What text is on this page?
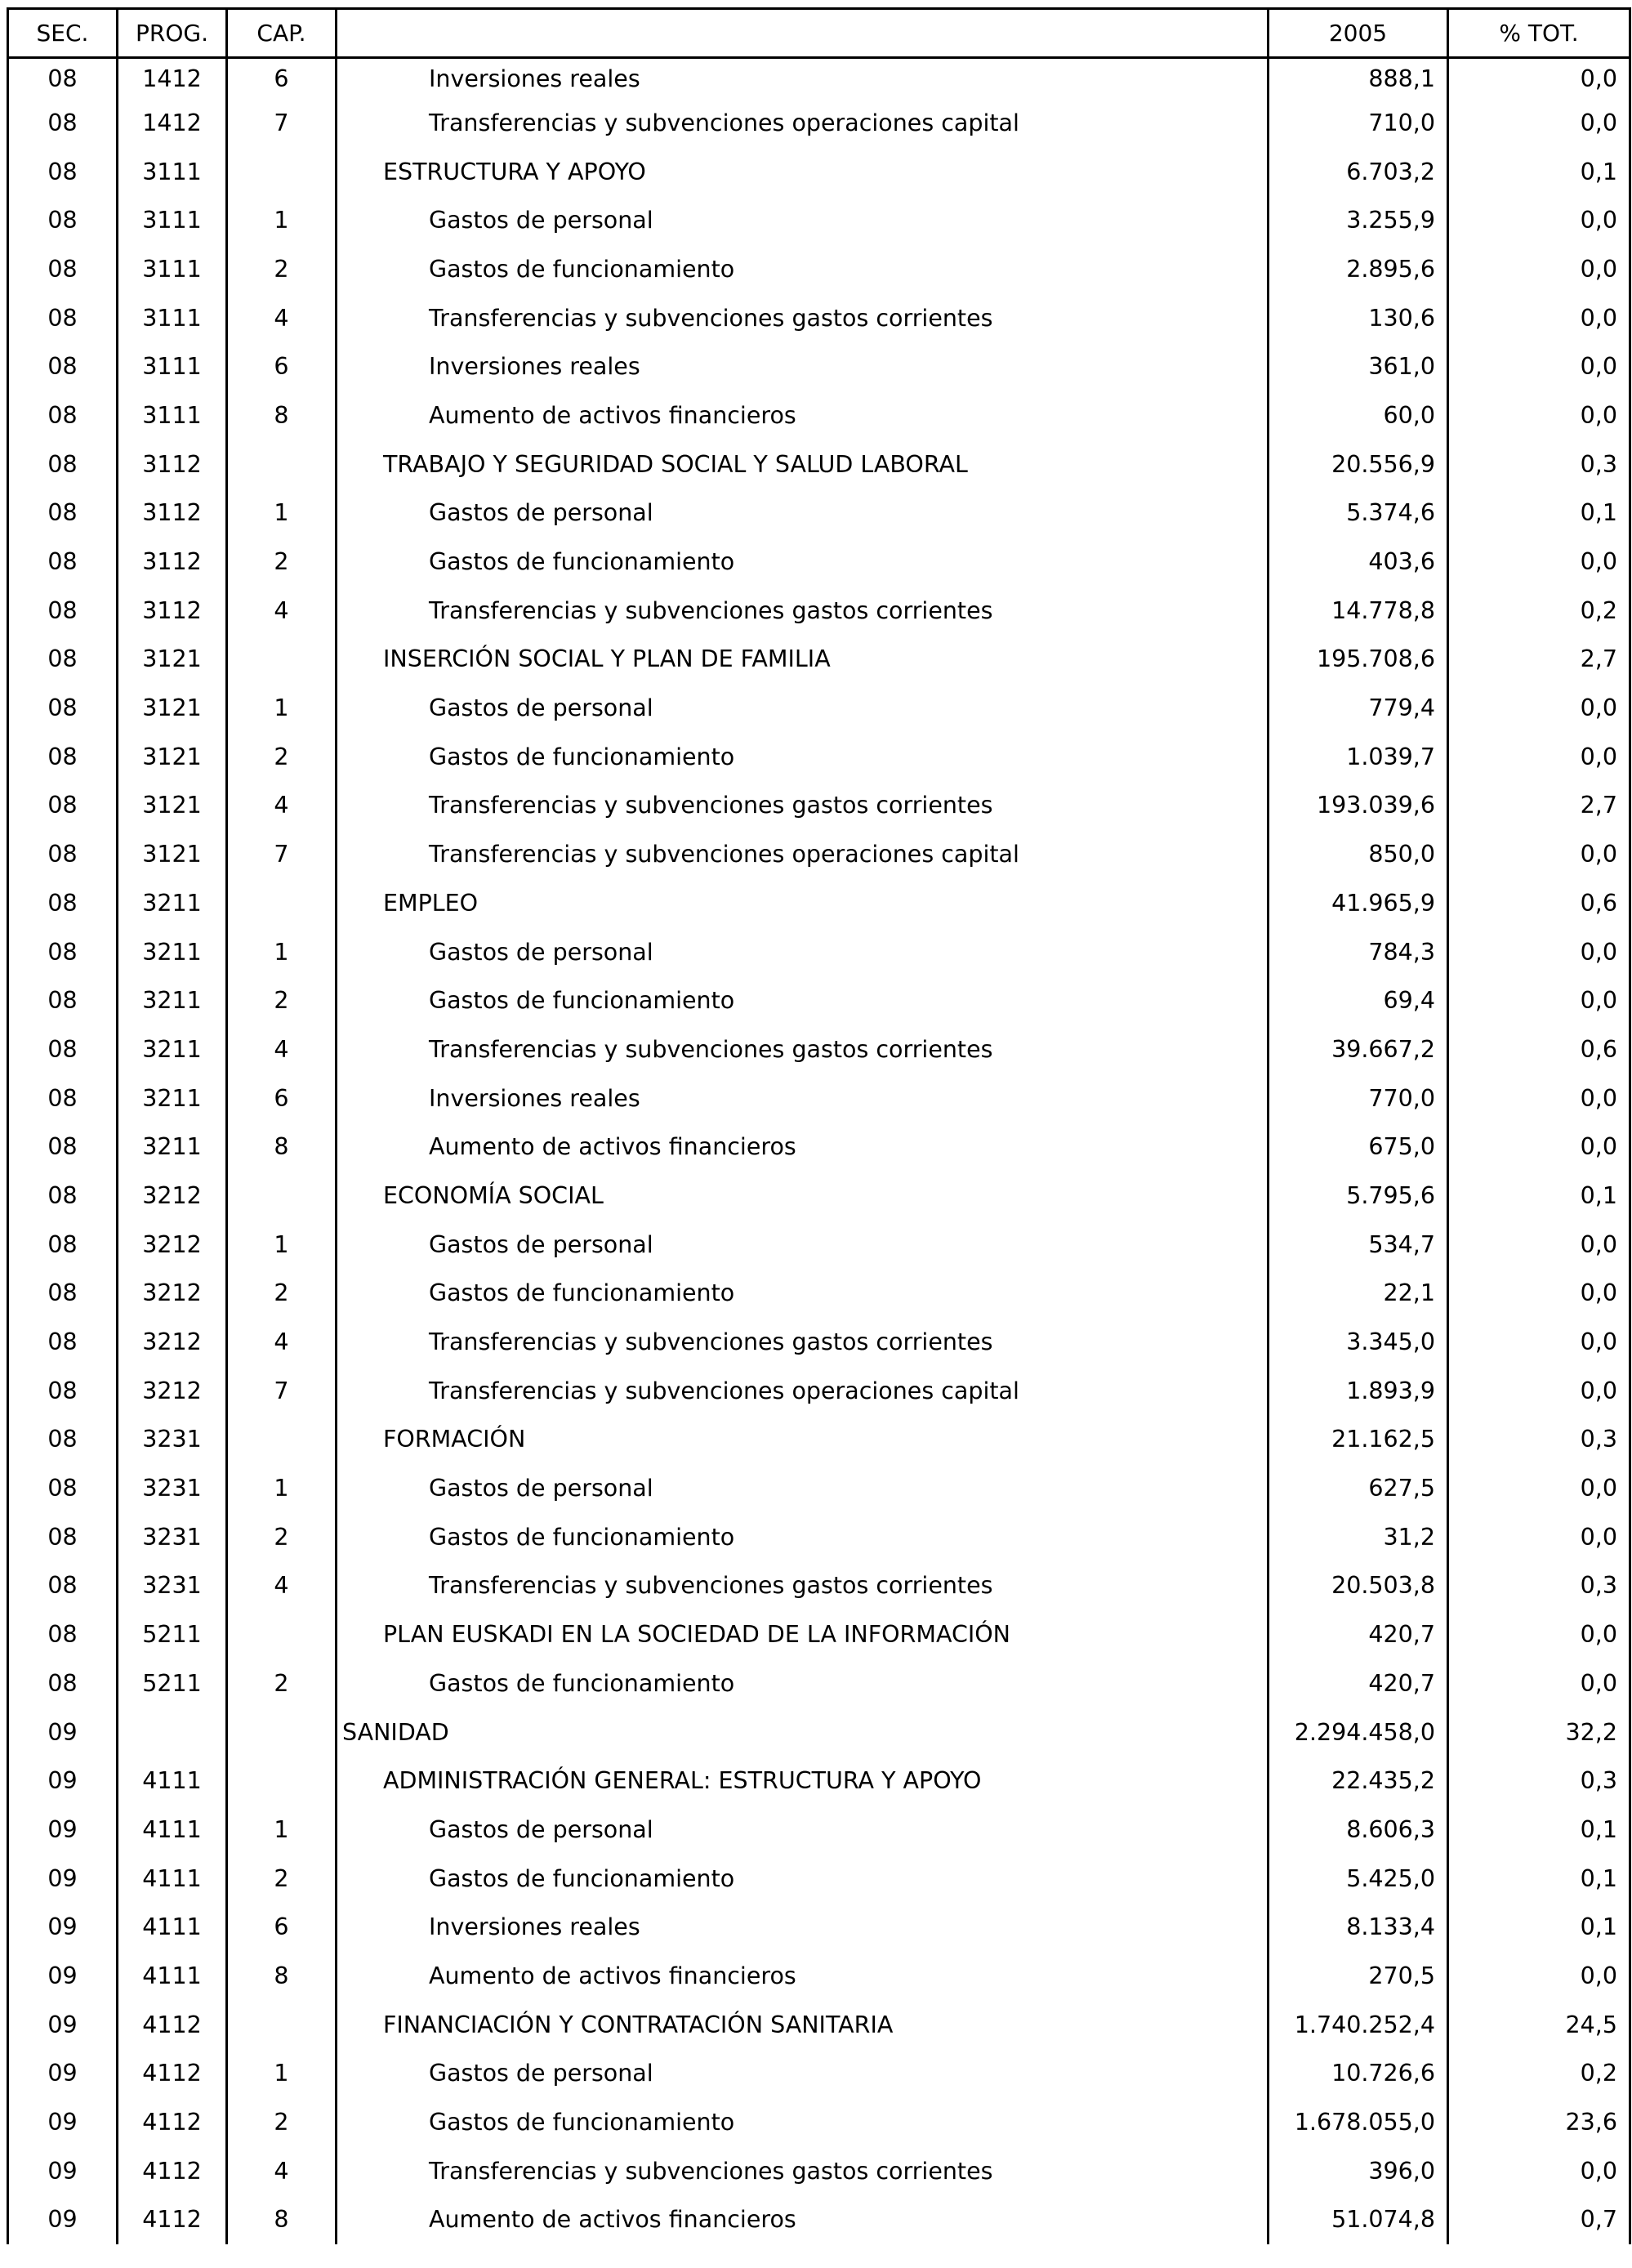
SEC.	PROG.	CAP.		2005	% TOT.
08	1412	6	Inversiones reales	888,1	0,0
08	1412	7	Transferencias y subvenciones operaciones capital	710,0	0,0
08	3111		ESTRUCTURA Y APOYO	6.703,2	0,1
08	3111	1	Gastos de personal	3.255,9	0,0
08	3111	2	Gastos de funcionamiento	2.895,6	0,0
08	3111	4	Transferencias y subvenciones gastos corrientes	130,6	0,0
08	3111	6	Inversiones reales	361,0	0,0
08	3111	8	Aumento de activos financieros	60,0	0,0
08	3112		TRABAJO Y SEGURIDAD SOCIAL Y SALUD LABORAL	20.556,9	0,3
08	3112	1	Gastos de personal	5.374,6	0,1
08	3112	2	Gastos de funcionamiento	403,6	0,0
08	3112	4	Transferencias y subvenciones gastos corrientes	14.778,8	0,2
08	3121		INSERCIÓN SOCIAL Y PLAN DE FAMILIA	195.708,6	2,7
08	3121	1	Gastos de personal	779,4	0,0
08	3121	2	Gastos de funcionamiento	1.039,7	0,0
08	3121	4	Transferencias y subvenciones gastos corrientes	193.039,6	2,7
08	3121	7	Transferencias y subvenciones operaciones capital	850,0	0,0
08	3211		EMPLEO	41.965,9	0,6
08	3211	1	Gastos de personal	784,3	0,0
08	3211	2	Gastos de funcionamiento	69,4	0,0
08	3211	4	Transferencias y subvenciones gastos corrientes	39.667,2	0,6
08	3211	6	Inversiones reales	770,0	0,0
08	3211	8	Aumento de activos financieros	675,0	0,0
08	3212		ECONOMÍA SOCIAL	5.795,6	0,1
08	3212	1	Gastos de personal	534,7	0,0
08	3212	2	Gastos de funcionamiento	22,1	0,0
08	3212	4	Transferencias y subvenciones gastos corrientes	3.345,0	0,0
08	3212	7	Transferencias y subvenciones operaciones capital	1.893,9	0,0
08	3231		FORMACIÓN	21.162,5	0,3
08	3231	1	Gastos de personal	627,5	0,0
08	3231	2	Gastos de funcionamiento	31,2	0,0
08	3231	4	Transferencias y subvenciones gastos corrientes	20.503,8	0,3
08	5211		PLAN EUSKADI EN LA SOCIEDAD DE LA INFORMACIÓN	420,7	0,0
08	5211	2	Gastos de funcionamiento	420,7	0,0
09			SANIDAD	2.294.458,0	32,2
09	4111		ADMINISTRACIÓN GENERAL: ESTRUCTURA Y APOYO	22.435,2	0,3
09	4111	1	Gastos de personal	8.606,3	0,1
09	4111	2	Gastos de funcionamiento	5.425,0	0,1
09	4111	6	Inversiones reales	8.133,4	0,1
09	4111	8	Aumento de activos financieros	270,5	0,0
09	4112		FINANCIACIÓN Y CONTRATACIÓN SANITARIA	1.740.252,4	24,5
09	4112	1	Gastos de personal	10.726,6	0,2
09	4112	2	Gastos de funcionamiento	1.678.055,0	23,6
09	4112	4	Transferencias y subvenciones gastos corrientes	396,0	0,0
09	4112	8	Aumento de activos financieros	51.074,8	0,7
